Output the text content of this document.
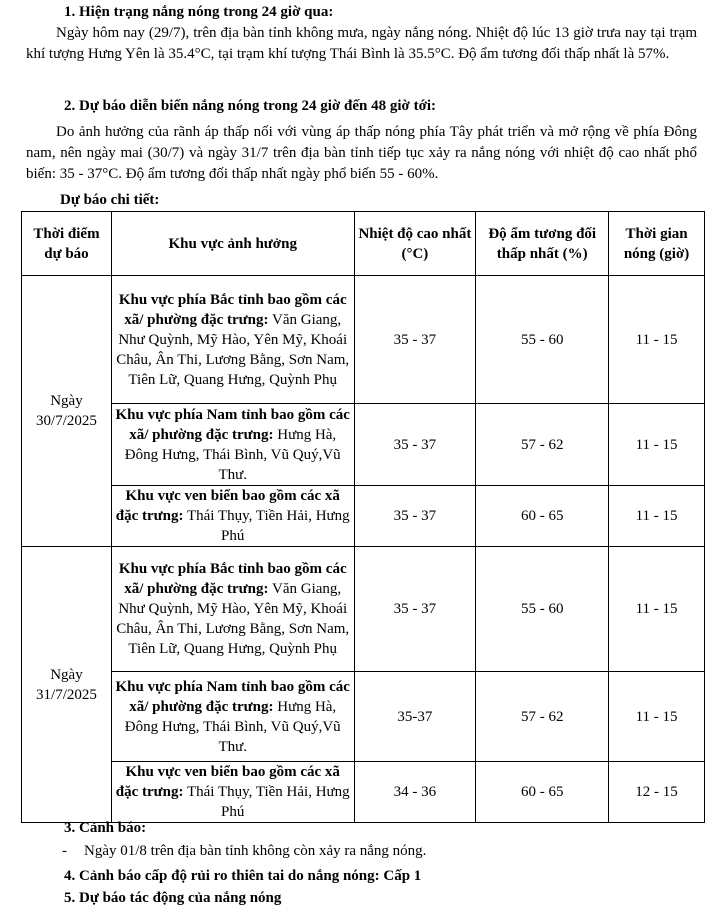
1. Hiện trạng nắng nóng trong 24 giờ qua:

Ngày hôm nay (29/7), trên địa bàn tỉnh không mưa, ngày nắng nóng. Nhiệt độ lúc 13 giờ trưa nay tại trạm khí tượng Hưng Yên là 35.4°C, tại trạm khí tượng Thái Bình là 35.5°C. Độ ẩm tương đối thấp nhất là 57%.

2. Dự báo diễn biến nắng nóng trong 24 giờ đến 48 giờ tới:

Do ảnh hưởng của rãnh áp thấp nối với vùng áp thấp nóng phía Tây phát triển và mở rộng về phía Đông nam, nên ngày mai (30/7) và ngày 31/7 trên địa bàn tỉnh tiếp tục xảy ra nắng nóng với nhiệt độ cao nhất phổ biến: 35 - 37°C. Độ ẩm tương đối thấp nhất ngày phổ biến 55 - 60%.

Dự báo chi tiết:

Thời điểm dự báo	Khu vực ảnh hưởng	Nhiệt độ cao nhất (°C)	Độ ẩm tương đối thấp nhất (%)	Thời gian nóng (giờ)
Ngày 30/7/2025	Khu vực phía Bắc tỉnh bao gồm các xã/ phường đặc trưng: Văn Giang, Như Quỳnh, Mỹ Hào, Yên Mỹ, Khoái Châu, Ân Thi, Lương Bằng, Sơn Nam, Tiên Lữ, Quang Hưng, Quỳnh Phụ	35 - 37	55 - 60	11 - 15
	Khu vực phía Nam tỉnh bao gồm các xã/ phường đặc trưng: Hưng Hà, Đông Hưng, Thái Bình, Vũ Quý,Vũ Thư.	35 - 37	57 - 62	11 - 15
	Khu vực ven biển bao gồm các xã đặc trưng: Thái Thụy, Tiền Hải, Hưng Phú	35 - 37	60 - 65	11 - 15
Ngày 31/7/2025	Khu vực phía Bắc tỉnh bao gồm các xã/ phường đặc trưng: Văn Giang, Như Quỳnh, Mỹ Hào, Yên Mỹ, Khoái Châu, Ân Thi, Lương Bằng, Sơn Nam, Tiên Lữ, Quang Hưng, Quỳnh Phụ	35 - 37	55 - 60	11 - 15
	Khu vực phía Nam tỉnh bao gồm các xã/ phường đặc trưng: Hưng Hà, Đông Hưng, Thái Bình, Vũ Quý,Vũ Thư.	35-37	57 - 62	11 - 15
	Khu vực ven biển bao gồm các xã đặc trưng: Thái Thụy, Tiền Hải, Hưng Phú	34 - 36	60 - 65	12 - 15

3. Cảnh báo:

- Ngày 01/8 trên địa bàn tỉnh không còn xảy ra nắng nóng.

4. Cảnh báo cấp độ rủi ro thiên tai do nắng nóng: Cấp 1

5. Dự báo tác động của nắng nóng
